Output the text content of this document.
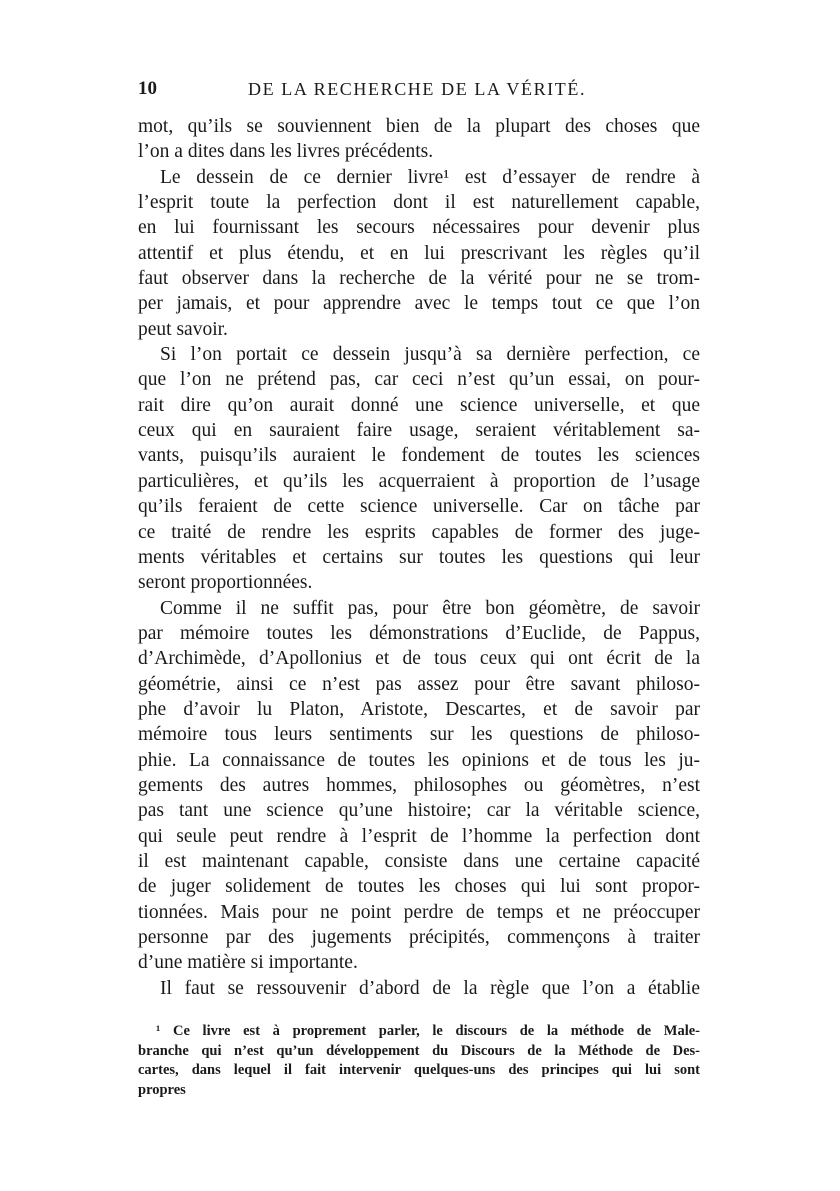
10	DE LA RECHERCHE DE LA VÉRITÉ.
mot, qu’ils se souviennent bien de la plupart des choses que
l’on a dites dans les livres précédents.
Le dessein de ce dernier livre¹ est d’essayer de rendre à
l’esprit toute la perfection dont il est naturellement capable,
en lui fournissant les secours nécessaires pour devenir plus
attentif et plus étendu, et en lui prescrivant les règles qu’il
faut observer dans la recherche de la vérité pour ne se trom-
per jamais, et pour apprendre avec le temps tout ce que l’on
peut savoir.
Si l’on portait ce dessein jusqu’à sa dernière perfection, ce
que l’on ne prétend pas, car ceci n’est qu’un essai, on pour-
rait dire qu’on aurait donné une science universelle, et que
ceux qui en sauraient faire usage, seraient véritablement sa-
vants, puisqu’ils auraient le fondement de toutes les sciences
particulières, et qu’ils les acquerraient à proportion de l’usage
qu’ils feraient de cette science universelle. Car on tâche par
ce traité de rendre les esprits capables de former des juge-
ments véritables et certains sur toutes les questions qui leur
seront proportionnées.
Comme il ne suffit pas, pour être bon géomètre, de savoir
par mémoire toutes les démonstrations d’Euclide, de Pappus,
d’Archimède, d’Apollonius et de tous ceux qui ont écrit de la
géométrie, ainsi ce n’est pas assez pour être savant philoso-
phe d’avoir lu Platon, Aristote, Descartes, et de savoir par
mémoire tous leurs sentiments sur les questions de philoso-
phie. La connaissance de toutes les opinions et de tous les ju-
gements des autres hommes, philosophes ou géomètres, n’est
pas tant une science qu’une histoire; car la véritable science,
qui seule peut rendre à l’esprit de l’homme la perfection dont
il est maintenant capable, consiste dans une certaine capacité
de juger solidement de toutes les choses qui lui sont propor-
tionnées. Mais pour ne point perdre de temps et ne préoccuper
personne par des jugements précipités, commençons à traiter
d’une matière si importante.
Il faut se ressouvenir d’abord de la règle que l’on a établie
¹ Ce livre est à proprement parler, le discours de la méthode de Male-
branche qui n’est qu’un développement du Discours de la Méthode de Des-
cartes, dans lequel il fait intervenir quelques-uns des principes qui lui sont
propres
